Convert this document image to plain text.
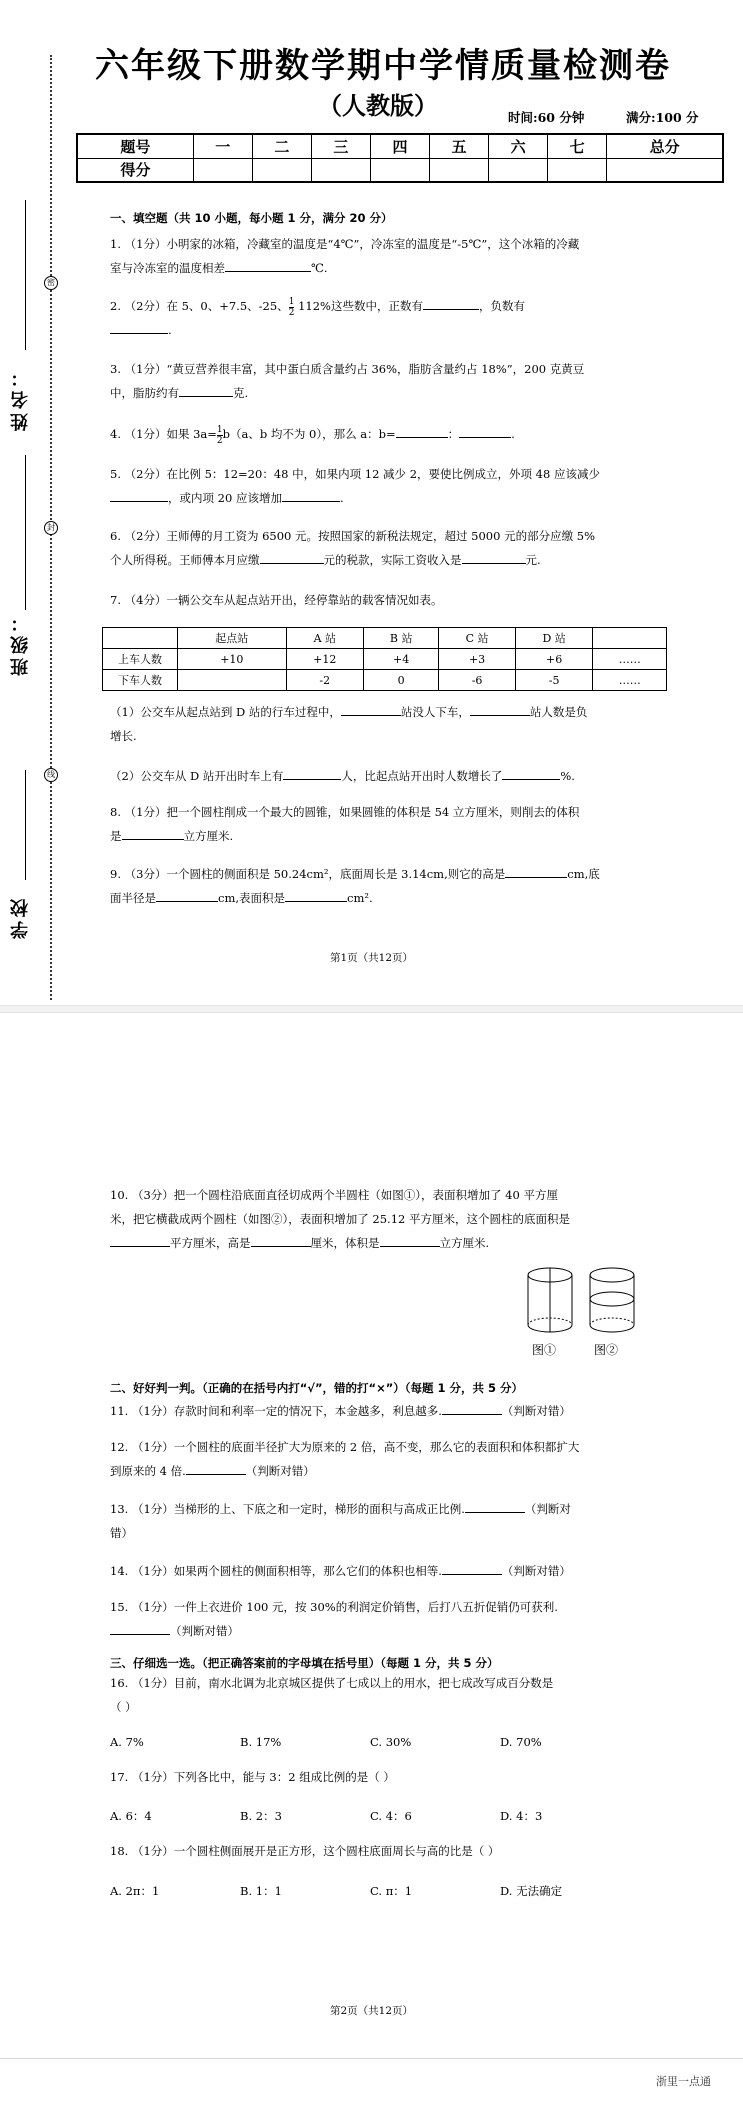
密
封
线
姓名：
班级：
学校
六年级下册数学期中学情质量检测卷
（人教版）	时间:60 分钟	满分:100 分
题号	一	二	三	四	五	六	七	总分
得分								
一、填空题（共 10 小题，每小题 1 分，满分 20 分）
1. （1分）小明家的冰箱，冷藏室的温度是“4℃”，冷冻室的温度是“-5℃”，这个冰箱的冷藏
室与冷冻室的温度相差	℃.
2. （2分）在 5、0、+7.5、-25、 $\frac{1}{2} 112\%$这些数中，正数有	，负数有
.
3. （1分）“黄豆营养很丰富，其中蛋白质含量约占 36%，脂肪含量约占 18%”，200 克黄豆
中，脂肪约有	克.
4. （1分）如果 $3a= \frac{1}{2} b(a$、b 均不为 0），那么 a：b=	：	.
5. （2分）在比例 5：12=20：48 中，如果内项 12 减少 2，要使比例成立，外项 48 应该减少
，或内项 20 应该增加	.
6. （2分）王师傅的月工资为 6500 元。按照国家的新税法规定，超过 5000 元的部分应缴 5%
个人所得税。王师傅本月应缴	元的税款，实际工资收入是	元.
7. （4分）一辆公交车从起点站开出，经停靠站的载客情况如表。
	起点站	A 站	B 站	C 站	D 站	
上车人数	+10	+12	+4	+3	+6	……
下车人数		-2	0	-6	-5	……
（1）公交车从起点站到 D 站的行车过程中，	站没人下车，	站人数是负
增长.
（2）公交车从 D 站开出时车上有	人，比起点站开出时人数增长了	%.
8. （1分）把一个圆柱削成一个最大的圆锥，如果圆锥的体积是 54 立方厘米，则削去的体积
是	立方厘米.
9. （3分）一个圆柱的侧面积是 50.24cm²，底面周长是 3.14cm,则它的高是	cm,底
面半径是	cm,表面积是	cm².
第1页（共12页）
10. （3分）把一个圆柱沿底面直径切成两个半圆柱（如图①），表面积增加了 40 平方厘
米，把它横截成两个圆柱（如图②），表面积增加了 25.12 平方厘米，这个圆柱的底面积是
平方厘米，高是	厘米，体积是	立方厘米.
图①	图②
二、好好判一判。（正确的在括号内打“√”，错的打“×”）（每题 1 分，共 5 分）
11. （1分）存款时间和利率一定的情况下，本金越多，利息越多.	（判断对错）
12. （1分）一个圆柱的底面半径扩大为原来的 2 倍，高不变，那么它的表面积和体积都扩大
到原来的 4 倍.	（判断对错）
13. （1分）当梯形的上、下底之和一定时，梯形的面积与高成正比例.	（判断对
错）
14. （1分）如果两个圆柱的侧面积相等，那么它们的体积也相等.	（判断对错）
15. （1分）一件上衣进价 100 元，按 30%的利润定价销售，后打八五折促销仍可获利.
（判断对错）
三、仔细选一选。（把正确答案前的字母填在括号里）（每题 1 分，共 5 分）
16. （1分）目前，南水北调为北京城区提供了七成以上的用水，把七成改写成百分数是
（ ）
A. 7%	B. 17%	C. 30%	D. 70%
17. （1分）下列各比中，能与 3：2 组成比例的是（ ）
A. 6：4	B. 2：3	C. 4：6	D. 4：3
18. （1分）一个圆柱侧面展开是正方形，这个圆柱底面周长与高的比是（ ）
A. 2π：1	B. 1：1	C. π：1	D. 无法确定
第2页（共12页）
浙里一点通
